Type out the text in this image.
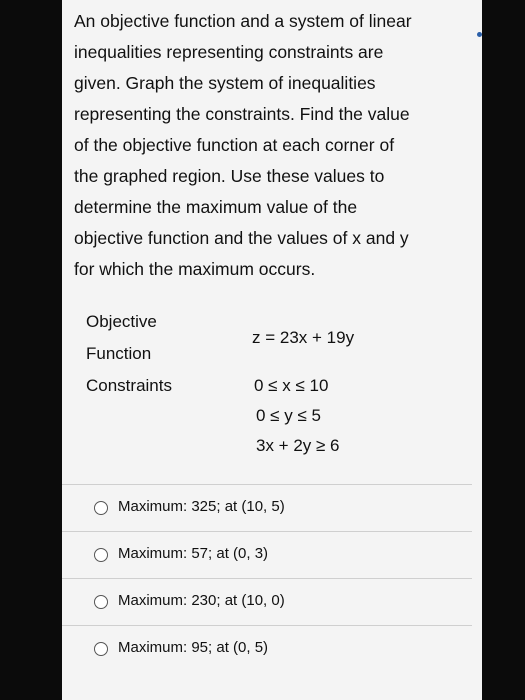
An objective function and a system of linear
inequalities representing constraints are
given. Graph the system of inequalities
representing the constraints. Find the value
of the objective function at each corner of
the graphed region. Use these values to
determine the maximum value of the
objective function and the values of x and y
for which the maximum occurs.
Objective
Function
z = 23x + 19y
Constraints	0 ≤ x ≤ 10
0 ≤ y ≤ 5
3x + 2y ≥ 6
Maximum: 325; at (10, 5)
Maximum: 57; at (0, 3)
Maximum: 230; at (10, 0)
Maximum: 95; at (0, 5)
